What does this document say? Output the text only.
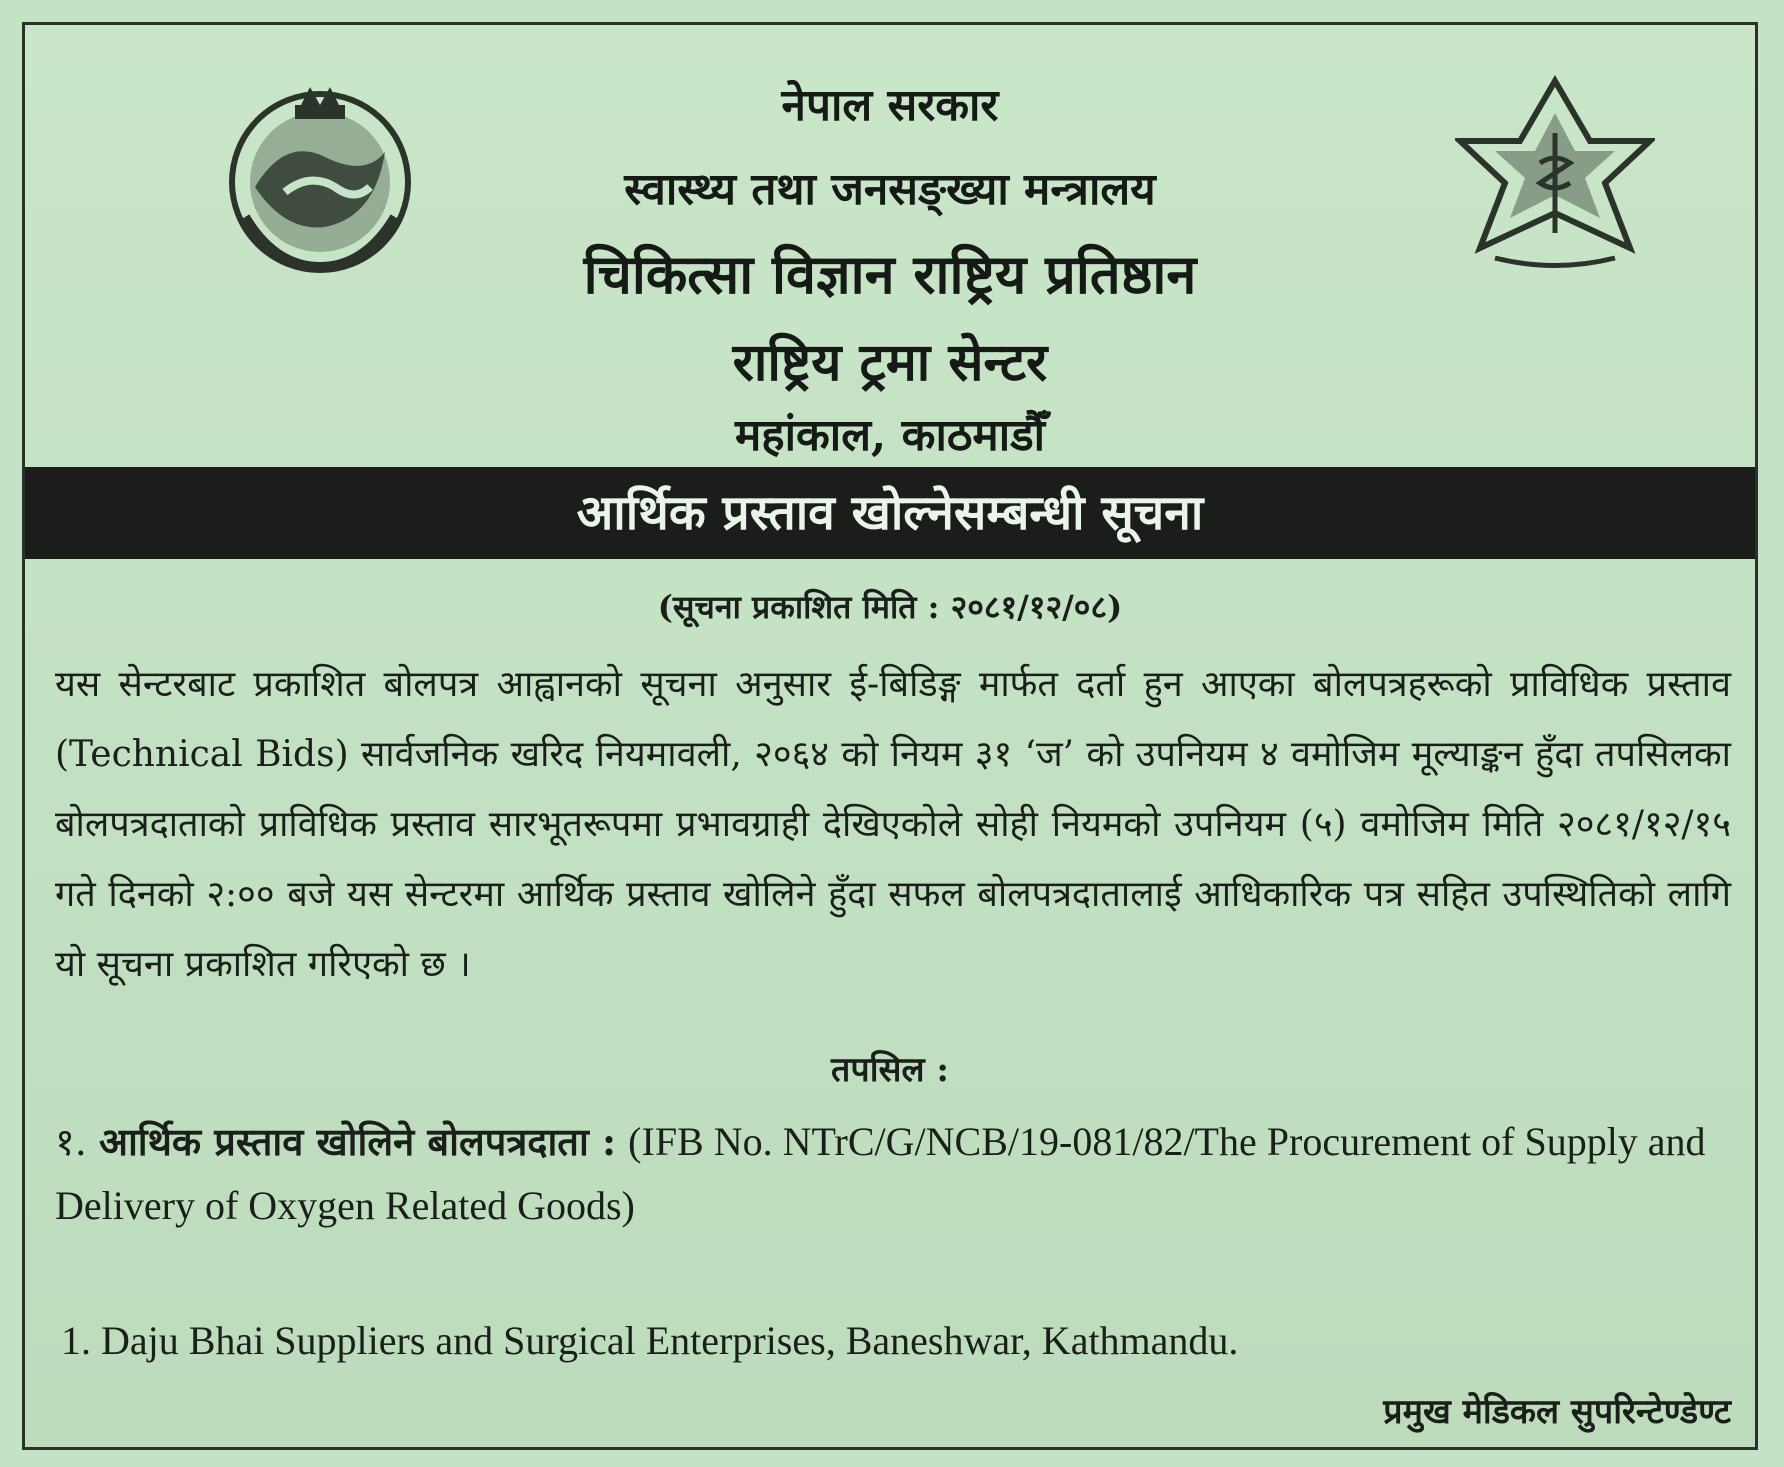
नेपाल सरकार
स्वास्थ्य तथा जनसङ्ख्या मन्त्रालय
चिकित्सा विज्ञान राष्ट्रिय प्रतिष्ठान
राष्ट्रिय ट्रमा सेन्टर
महांकाल, काठमाडौँ
आर्थिक प्रस्ताव खोल्नेसम्बन्धी सूचना
(सूचना प्रकाशित मिति : २०८१/१२/०८)
यस सेन्टरबाट प्रकाशित बोलपत्र आह्वानको सूचना अनुसार ई-बिडिङ्ग मार्फत दर्ता हुन आएका बोलपत्रहरूको प्राविधिक प्रस्ताव (Technical Bids) सार्वजनिक खरिद नियमावली, २०६४ को नियम ३१ ‘ज’ को उपनियम ४ वमोजिम मूल्याङ्कन हुँदा तपसिलका बोलपत्रदाताको प्राविधिक प्रस्ताव सारभूतरूपमा प्रभावग्राही देखिएकोले सोही नियमको उपनियम (५) वमोजिम मिति २०८१/१२/१५ गते दिनको २:०० बजे यस सेन्टरमा आर्थिक प्रस्ताव खोलिने हुँदा सफल बोलपत्रदातालाई आधिकारिक पत्र सहित उपस्थितिको लागि यो सूचना प्रकाशित गरिएको छ ।
तपसिल :
१. आर्थिक प्रस्ताव खोलिने बोलपत्रदाता : (IFB No. NTrC/G/NCB/19-081/82/The Procurement of Supply and Delivery of Oxygen Related Goods)
1. Daju Bhai Suppliers and Surgical Enterprises, Baneshwar, Kathmandu.
प्रमुख मेडिकल सुपरिन्टेण्डेण्ट
